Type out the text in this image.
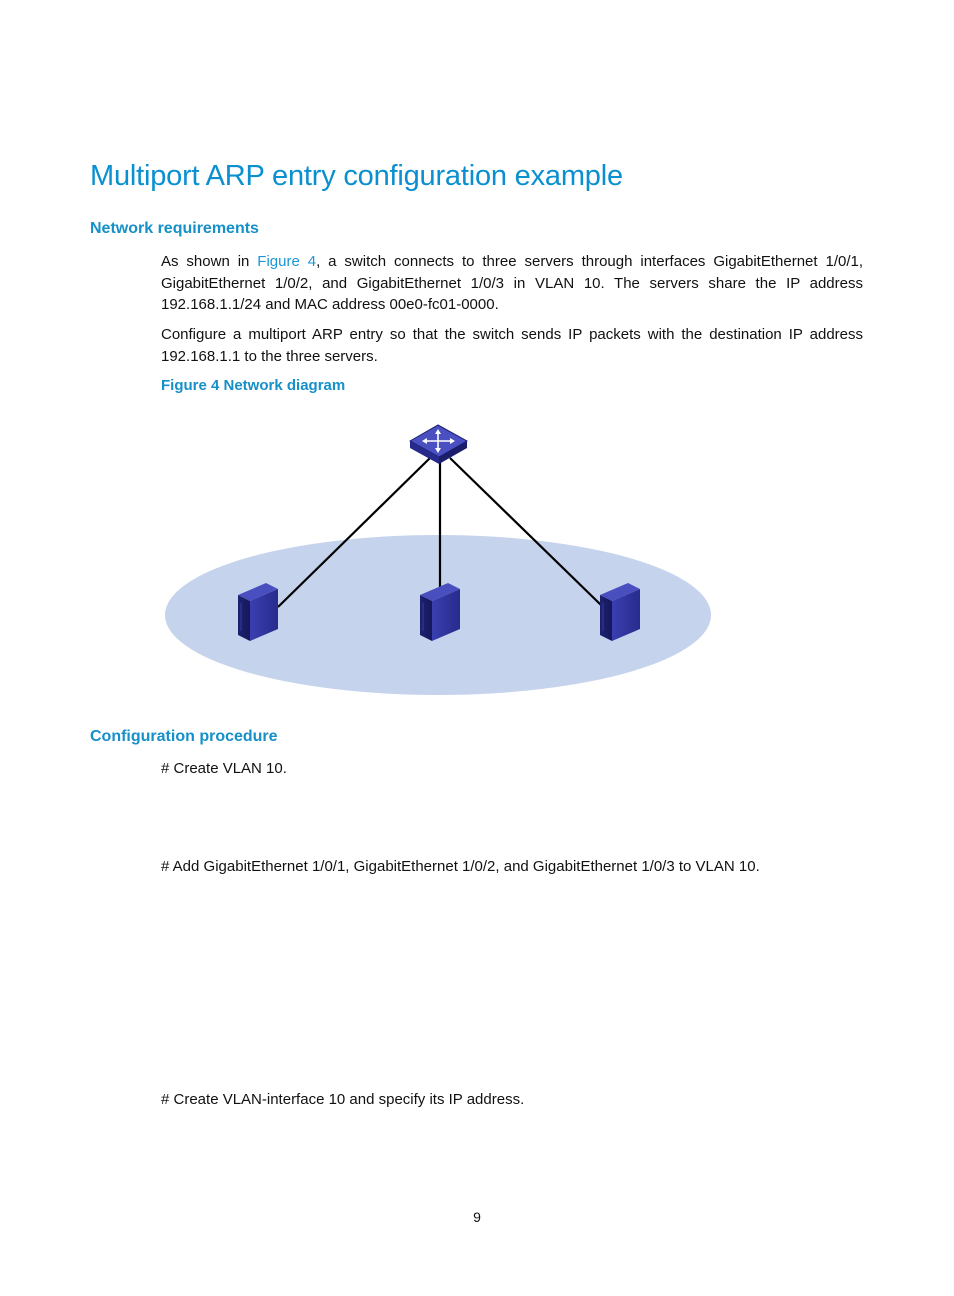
Multiport ARP entry configuration example
Network requirements

As shown in Figure 4, a switch connects to three servers through interfaces GigabitEthernet 1/0/1, GigabitEthernet 1/0/2, and GigabitEthernet 1/0/3 in VLAN 10. The servers share the IP address 192.168.1.1/24 and MAC address 00e0-fc01-0000.

Configure a multiport ARP entry so that the switch sends IP packets with the destination IP address 192.168.1.1 to the three servers.

Figure 4 Network diagram

Configuration procedure

# Create VLAN 10.

# Add GigabitEthernet 1/0/1, GigabitEthernet 1/0/2, and GigabitEthernet 1/0/3 to VLAN 10.

# Create VLAN-interface 10 and specify its IP address.

9
